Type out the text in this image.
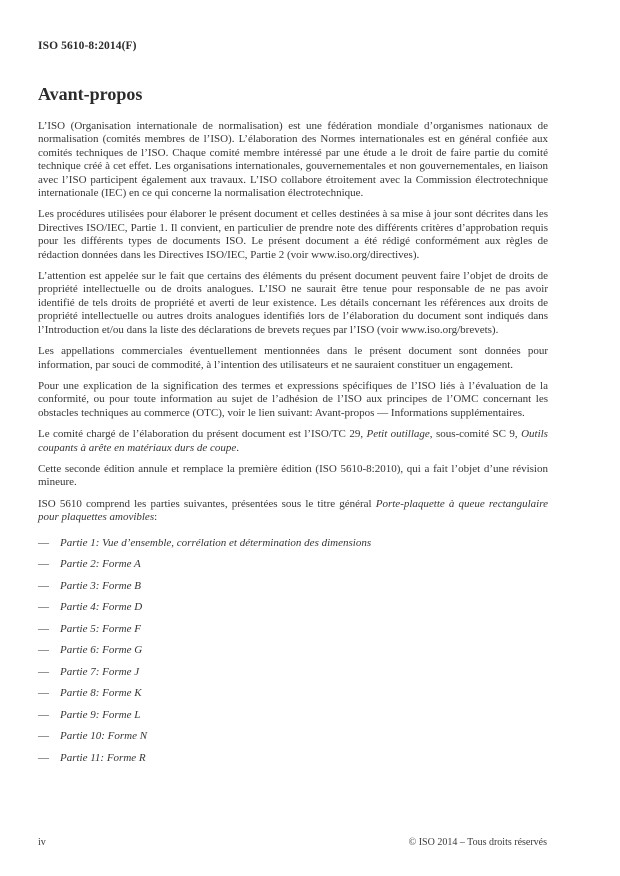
ISO 5610-8:2014(F)
Avant-propos

L’ISO (Organisation internationale de normalisation) est une fédération mondiale d’organismes nationaux de normalisation (comités membres de l’ISO). L’élaboration des Normes internationales est en général confiée aux comités techniques de l’ISO. Chaque comité membre intéressé par une étude a le droit de faire partie du comité technique créé à cet effet. Les organisations internationales, gouvernementales et non gouvernementales, en liaison avec l’ISO participent également aux travaux. L’ISO collabore étroitement avec la Commission électrotechnique internationale (IEC) en ce qui concerne la normalisation électrotechnique.

Les procédures utilisées pour élaborer le présent document et celles destinées à sa mise à jour sont décrites dans les Directives ISO/IEC, Partie 1. Il convient, en particulier de prendre note des différents critères d’approbation requis pour les différents types de documents ISO. Le présent document a été rédigé conformément aux règles de rédaction données dans les Directives ISO/IEC, Partie 2 (voir www.iso.org/directives).

L’attention est appelée sur le fait que certains des éléments du présent document peuvent faire l’objet de droits de propriété intellectuelle ou de droits analogues. L’ISO ne saurait être tenue pour responsable de ne pas avoir identifié de tels droits de propriété et averti de leur existence. Les détails concernant les références aux droits de propriété intellectuelle ou autres droits analogues identifiés lors de l’élaboration du document sont indiqués dans l’Introduction et/ou dans la liste des déclarations de brevets reçues par l’ISO (voir www.iso.org/brevets).

Les appellations commerciales éventuellement mentionnées dans le présent document sont données pour information, par souci de commodité, à l’intention des utilisateurs et ne sauraient constituer un engagement.

Pour une explication de la signification des termes et expressions spécifiques de l’ISO liés à l’évaluation de la conformité, ou pour toute information au sujet de l’adhésion de l’ISO aux principes de l’OMC concernant les obstacles techniques au commerce (OTC), voir le lien suivant: Avant-propos — Informations supplémentaires.

Le comité chargé de l’élaboration du présent document est l’ISO/TC 29, Petit outillage, sous-comité SC 9, Outils coupants à arête en matériaux durs de coupe.

Cette seconde édition annule et remplace la première édition (ISO 5610-8:2010), qui a fait l’objet d’une révision mineure.

ISO 5610 comprend les parties suivantes, présentées sous le titre général Porte-plaquette à queue rectangulaire pour plaquettes amovibles:

—	Partie 1: Vue d’ensemble, corrélation et détermination des dimensions
—	Partie 2: Forme A
—	Partie 3: Forme B
—	Partie 4: Forme D
—	Partie 5: Forme F
—	Partie 6: Forme G
—	Partie 7: Forme J
—	Partie 8: Forme K
—	Partie 9: Forme L
—	Partie 10: Forme N
—	Partie 11: Forme R
iv	© ISO 2014 – Tous droits réservés
